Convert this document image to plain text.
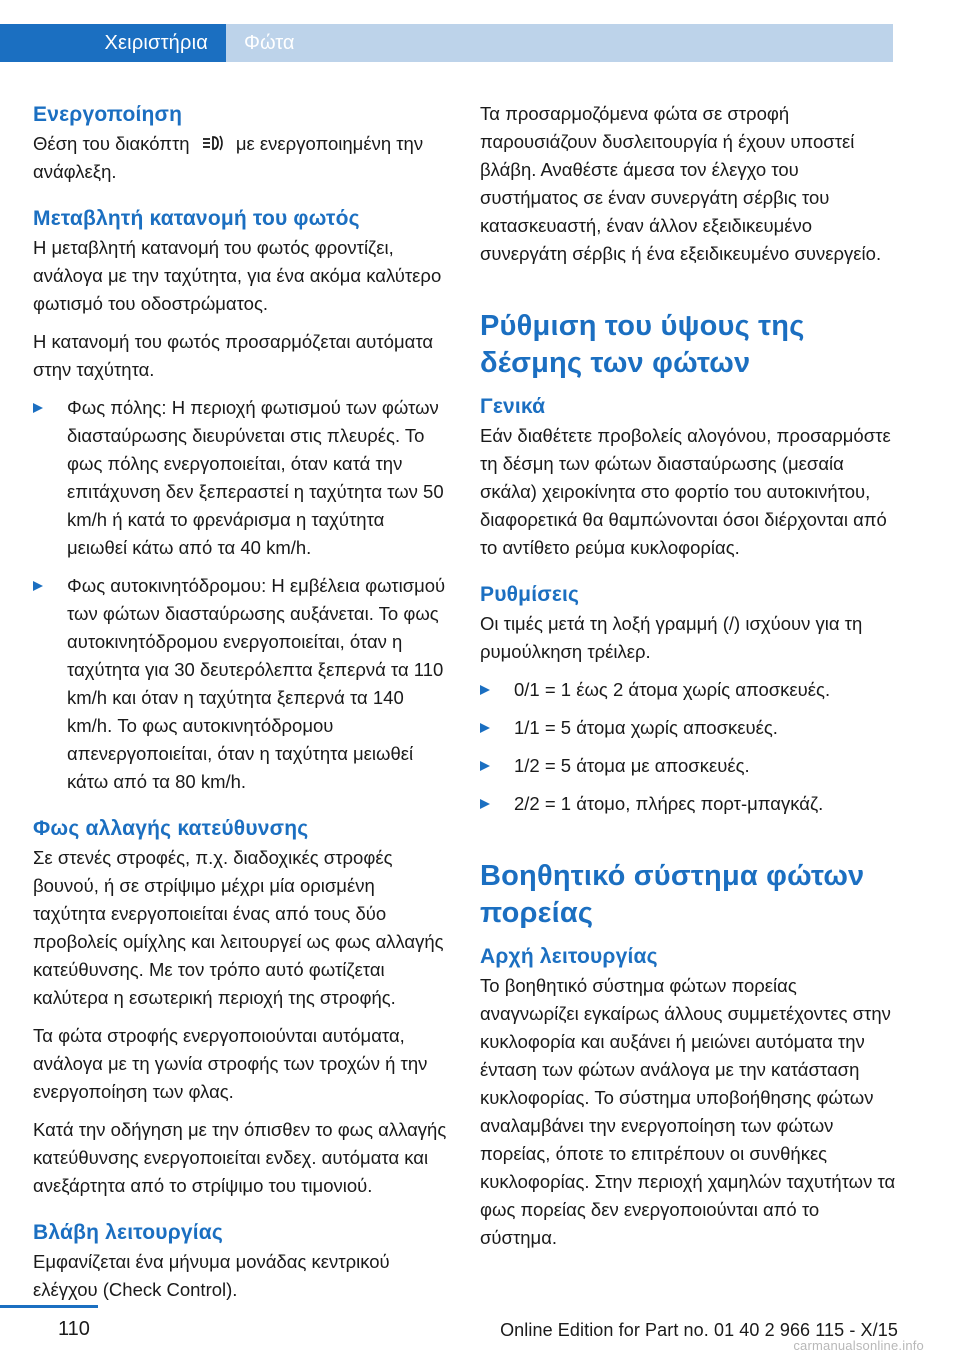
Χειριστήρια	Φώτα
Ενεργοποίηση

Θέση του διακόπτη	με ενεργοποιημένη την ανάφλεξη.

Μεταβλητή κατανομή του φωτός

Η μεταβλητή κατανομή του φωτός φροντίζει, ανάλογα με την ταχύτητα, για ένα ακόμα καλύτερο φωτισμό του οδοστρώματος.

Η κατανομή του φωτός προσαρμόζεται αυτόματα στην ταχύτητα.

Φως πόλης: Η περιοχή φωτισμού των φώτων διασταύρωσης διευρύνεται στις πλευρές. Το φως πόλης ενεργοποιείται, όταν κατά την επιτάχυνση δεν ξεπεραστεί η ταχύτητα των 50 km/h ή κατά το φρενάρισμα η ταχύτητα μειωθεί κάτω από τα 40 km/h.
Φως αυτοκινητόδρομου: Η εμβέλεια φωτισμού των φώτων διασταύρωσης αυξάνεται. Το φως αυτοκινητόδρομου ενεργοποιείται, όταν η ταχύτητα για 30 δευτερόλεπτα ξεπερνά τα 110 km/h και όταν η ταχύτητα ξεπερνά τα 140 km/h. Το φως αυτοκινητόδρομου απενεργοποιείται, όταν η ταχύτητα μειωθεί κάτω από τα 80 km/h.
Φως αλλαγής κατεύθυνσης

Σε στενές στροφές, π.χ. διαδοχικές στροφές βουνού, ή σε στρίψιμο μέχρι μία ορισμένη ταχύτητα ενεργοποιείται ένας από τους δύο προβολείς ομίχλης και λειτουργεί ως φως αλλαγής κατεύθυνσης. Με τον τρόπο αυτό φωτίζεται καλύτερα η εσωτερική περιοχή της στροφής.

Τα φώτα στροφής ενεργοποιούνται αυτόματα, ανάλογα με τη γωνία στροφής των τροχών ή την ενεργοποίηση των φλας.

Κατά την οδήγηση με την όπισθεν το φως αλλαγής κατεύθυνσης ενεργοποιείται ενδεχ. αυτόματα και ανεξάρτητα από το στρίψιμο του τιμονιού.

Βλάβη λειτουργίας

Εμφανίζεται ένα μήνυμα μονάδας κεντρικού ελέγχου (Check Control).

Τα προσαρμοζόμενα φώτα σε στροφή παρουσιάζουν δυσλειτουργία ή έχουν υποστεί βλάβη. Αναθέστε άμεσα τον έλεγχο του συστήματος σε έναν συνεργάτη σέρβις του κατασκευαστή, έναν άλλον εξειδικευμένο συνεργάτη σέρβις ή ένα εξειδικευμένο συνεργείο.

Ρύθμιση του ύψους της δέσμης των φώτων
Γενικά

Εάν διαθέτετε προβολείς αλογόνου, προσαρμόστε τη δέσμη των φώτων διασταύρωσης (μεσαία σκάλα) χειροκίνητα στο φορτίο του αυτοκινήτου, διαφορετικά θα θαμπώνονται όσοι διέρχονται από το αντίθετο ρεύμα κυκλοφορίας.

Ρυθμίσεις

Οι τιμές μετά τη λοξή γραμμή (/) ισχύουν για τη ρυμούλκηση τρέιλερ.

0/1 = 1 έως 2 άτομα χωρίς αποσκευές.
1/1 = 5 άτομα χωρίς αποσκευές.
1/2 = 5 άτομα με αποσκευές.
2/2 = 1 άτομο, πλήρες πορτ-μπαγκάζ.
Βοηθητικό σύστημα φώτων πορείας
Αρχή λειτουργίας

Το βοηθητικό σύστημα φώτων πορείας αναγνωρίζει εγκαίρως άλλους συμμετέχοντες στην κυκλοφορία και αυξάνει ή μειώνει αυτόματα την ένταση των φώτων ανάλογα με την κατάσταση κυκλοφορίας. Το σύστημα υποβοήθησης φώτων αναλαμβάνει την ενεργοποίηση των φώτων πορείας, όποτε το επιτρέπουν οι συνθήκες κυκλοφορίας. Στην περιοχή χαμηλών ταχυτήτων τα φως πορείας δεν ενεργοποιούνται από το σύστημα.

110	Online Edition for Part no. 01 40 2 966 115 - X/15
carmanualsonline.info
